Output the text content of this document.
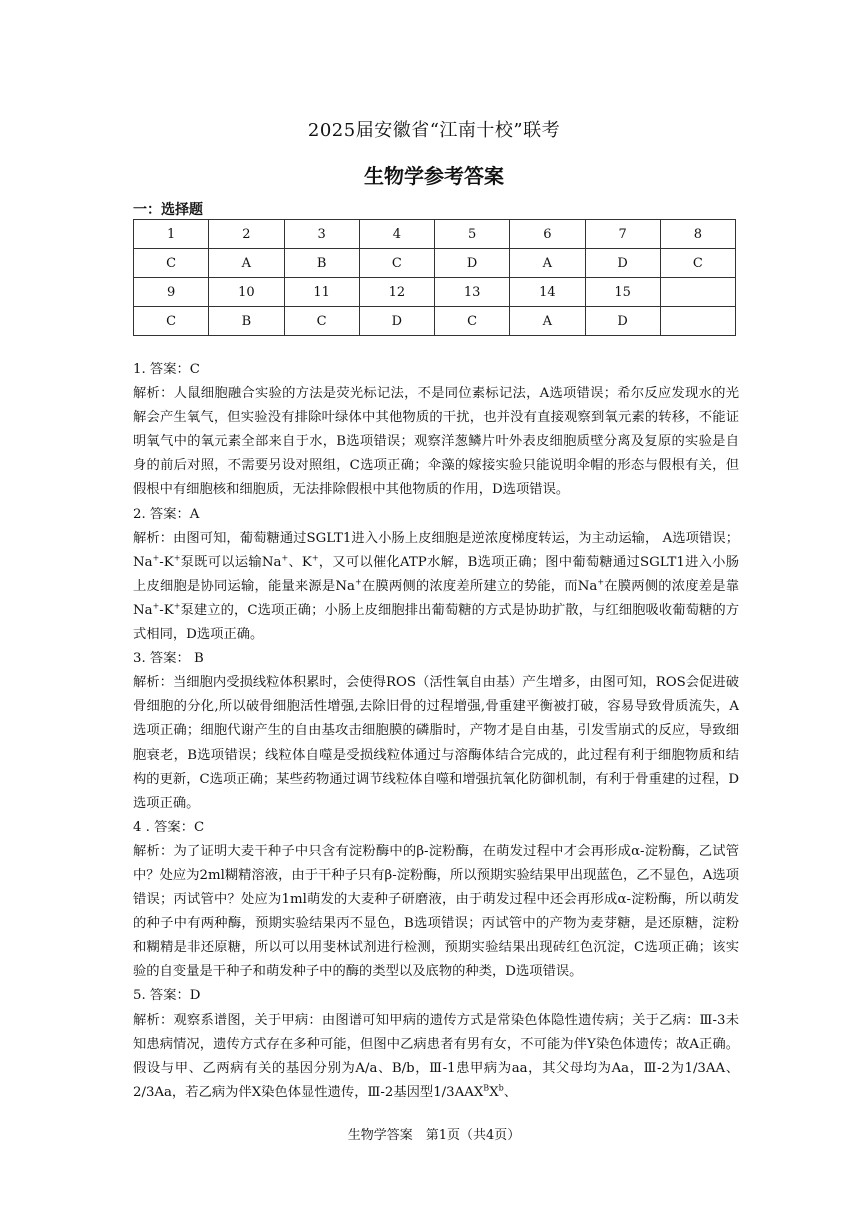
2025届安徽省“江南十校”联考
生物学参考答案
一：选择题
1	2	3	4	5	6	7	8
C	A	B	C	D	A	D	C
9	10	11	12	13	14	15	
C	B	C	D	C	A	D	

1. 答案：C

解析：人鼠细胞融合实验的方法是荧光标记法，不是同位素标记法，A选项错误；希尔反应发现水的光解会产生氧气，但实验没有排除叶绿体中其他物质的干扰，也并没有直接观察到氧元素的转移，不能证明氧气中的氧元素全部来自于水，B选项错误；观察洋葱鳞片叶外表皮细胞质壁分离及复原的实验是自身的前后对照，不需要另设对照组，C选项正确；伞藻的嫁接实验只能说明伞帽的形态与假根有关，但假根中有细胞核和细胞质，无法排除假根中其他物质的作用，D选项错误。

2. 答案：A

解析：由图可知，葡萄糖通过SGLT1进入小肠上皮细胞是逆浓度梯度转运，为主动运输， A选项错误；Na+-K+泵既可以运输Na+、K+，又可以催化ATP水解，B选项正确；图中葡萄糖通过SGLT1进入小肠上皮细胞是协同运输，能量来源是Na+在膜两侧的浓度差所建立的势能，而Na+在膜两侧的浓度差是靠Na+-K+泵建立的，C选项正确；小肠上皮细胞排出葡萄糖的方式是协助扩散，与红细胞吸收葡萄糖的方式相同，D选项正确。

3. 答案： B

解析：当细胞内受损线粒体积累时，会使得ROS（活性氧自由基）产生增多，由图可知，ROS会促进破骨细胞的分化,所以破骨细胞活性增强,去除旧骨的过程增强,骨重建平衡被打破，容易导致骨质流失，A选项正确；细胞代谢产生的自由基攻击细胞膜的磷脂时，产物才是自由基，引发雪崩式的反应，导致细胞衰老，B选项错误；线粒体自噬是受损线粒体通过与溶酶体结合完成的，此过程有利于细胞物质和结构的更新，C选项正确；某些药物通过调节线粒体自噬和增强抗氧化防御机制，有利于骨重建的过程，D选项正确。

4 . 答案：C

解析：为了证明大麦干种子中只含有淀粉酶中的β-淀粉酶，在萌发过程中才会再形成α-淀粉酶，乙试管中？处应为2ml糊精溶液，由于干种子只有β-淀粉酶，所以预期实验结果甲出现蓝色，乙不显色，A选项错误；丙试管中？处应为1ml萌发的大麦种子研磨液，由于萌发过程中还会再形成α-淀粉酶，所以萌发的种子中有两种酶，预期实验结果丙不显色，B选项错误；丙试管中的产物为麦芽糖，是还原糖，淀粉和糊精是非还原糖，所以可以用斐林试剂进行检测，预期实验结果出现砖红色沉淀，C选项正确；该实验的自变量是干种子和萌发种子中的酶的类型以及底物的种类，D选项错误。

5. 答案：D

解析：观察系谱图，关于甲病：由图谱可知甲病的遗传方式是常染色体隐性遗传病；关于乙病：Ⅲ-3未知患病情况，遗传方式存在多种可能，但图中乙病患者有男有女，不可能为伴Y染色体遗传；故A正确。假设与甲、乙两病有关的基因分别为A/a、B/b，Ⅲ-1患甲病为aa，其父母均为Aa，Ⅲ-2为1/3AA、2/3Aa，若乙病为伴X染色体显性遗传，Ⅲ-2基因型$1/3AAX^BX^b$、

生物学答案　第1页（共4页）
